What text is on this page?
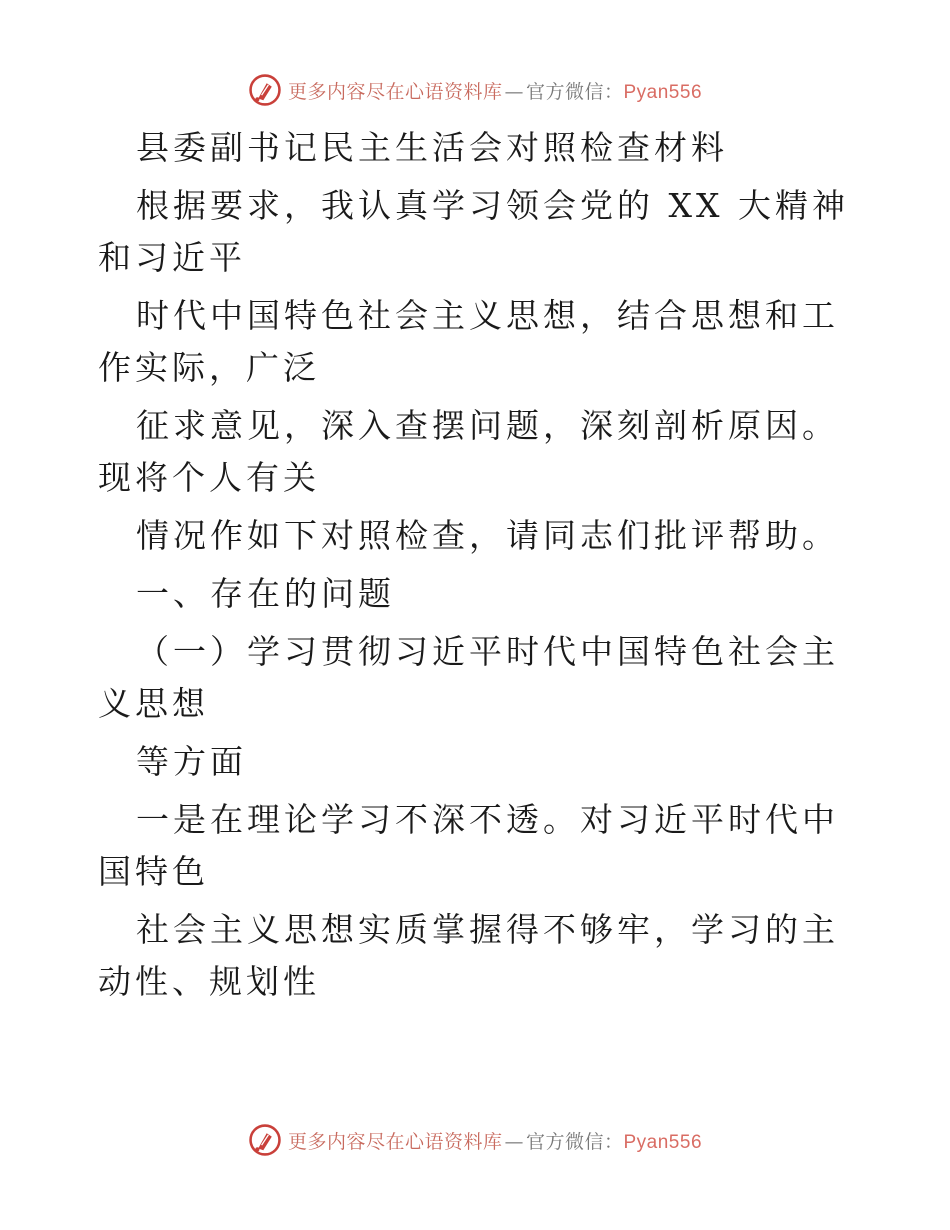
更多内容尽在心语资料库 — 官方微信：Pyan556

县委副书记民主生活会对照检查材料

根据要求，我认真学习领会党的 XX 大精神和习近平

时代中国特色社会主义思想，结合思想和工作实际，广泛

征求意见，深入查摆问题，深刻剖析原因。现将个人有关

情况作如下对照检查，请同志们批评帮助。

一、存在的问题

（一）学习贯彻习近平时代中国特色社会主义思想

等方面

一是在理论学习不深不透。对习近平时代中国特色

社会主义思想实质掌握得不够牢，学习的主动性、规划性

更多内容尽在心语资料库 — 官方微信：Pyan556
